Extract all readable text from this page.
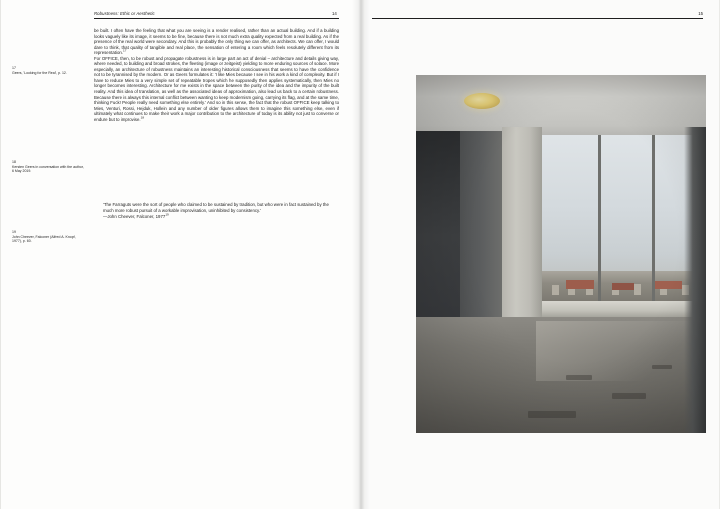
Robustness: Ethic or Aesthetic	14

be built. I often have the feeling that what you are seeing is a render realised, rather than an actual building. And if a building looks vaguely like its image, it seems to be fine, because there is not much extra quality expected from a real building. As if the presence of the real world were secondary. And this is probably the only thing we can offer, as architects. We can offer, I would dare to think, that quality of tangible and real place, the sensation of entering a room which feels resolutely different from its representation.$^{17}$

For OFFICE, then, to be robust and propagate robustness is in large part an act of denial – architecture and details giving way, where needed, to building and broad strokes, the fleeting (image or zeitgeist) yielding to more enduring sources of solace. More especially, an architecture of robustness maintains an interesting historical consciousness that seems to have the confidence not to be tyrannised by the modern. Or as Geers formulates it: 'I like Mies because I see in his work a kind of complexity. But if I have to reduce Mies to a very simple set of repeatable tropes which he supposedly then applies systematically, then Mies no longer becomes interesting. Architecture for me exists in the space between the purity of the idea and the impurity of the built reality. And this idea of translation, as well as the associated ideas of approximation, also lead us back to a certain robustness. Because there is always this internal conflict between wanting to keep modernism going, carrying its flag, and at the same time, thinking Fuck! People really need something else entirely.' And so in this sense, the fact that the robust OFFICE keep talking to Mies, Venturi, Rossi, Hejduk, Hollein and any number of older figures allows them to imagine this something else, even if ultimately what continues to make their work a major contribution to the architecture of today is its ability not just to converse or endure but to improvise.$^{18}$

'The Farraguts were the sort of people who claimed to be sustained by tradition, but who were in fact sustained by the much more robust pursuit of a workable improvisation, uninhibited by consistency.'
—John Cheever, Falconer, 1977$^{19}$
17
Geers, 'Looking for the Real', p. 12.
18
Kersten Geers in conversation with the author, 6 May 2019.
19
John Cheever, Falconer (Alfred A. Knopf, 1977), p. 60.
15
